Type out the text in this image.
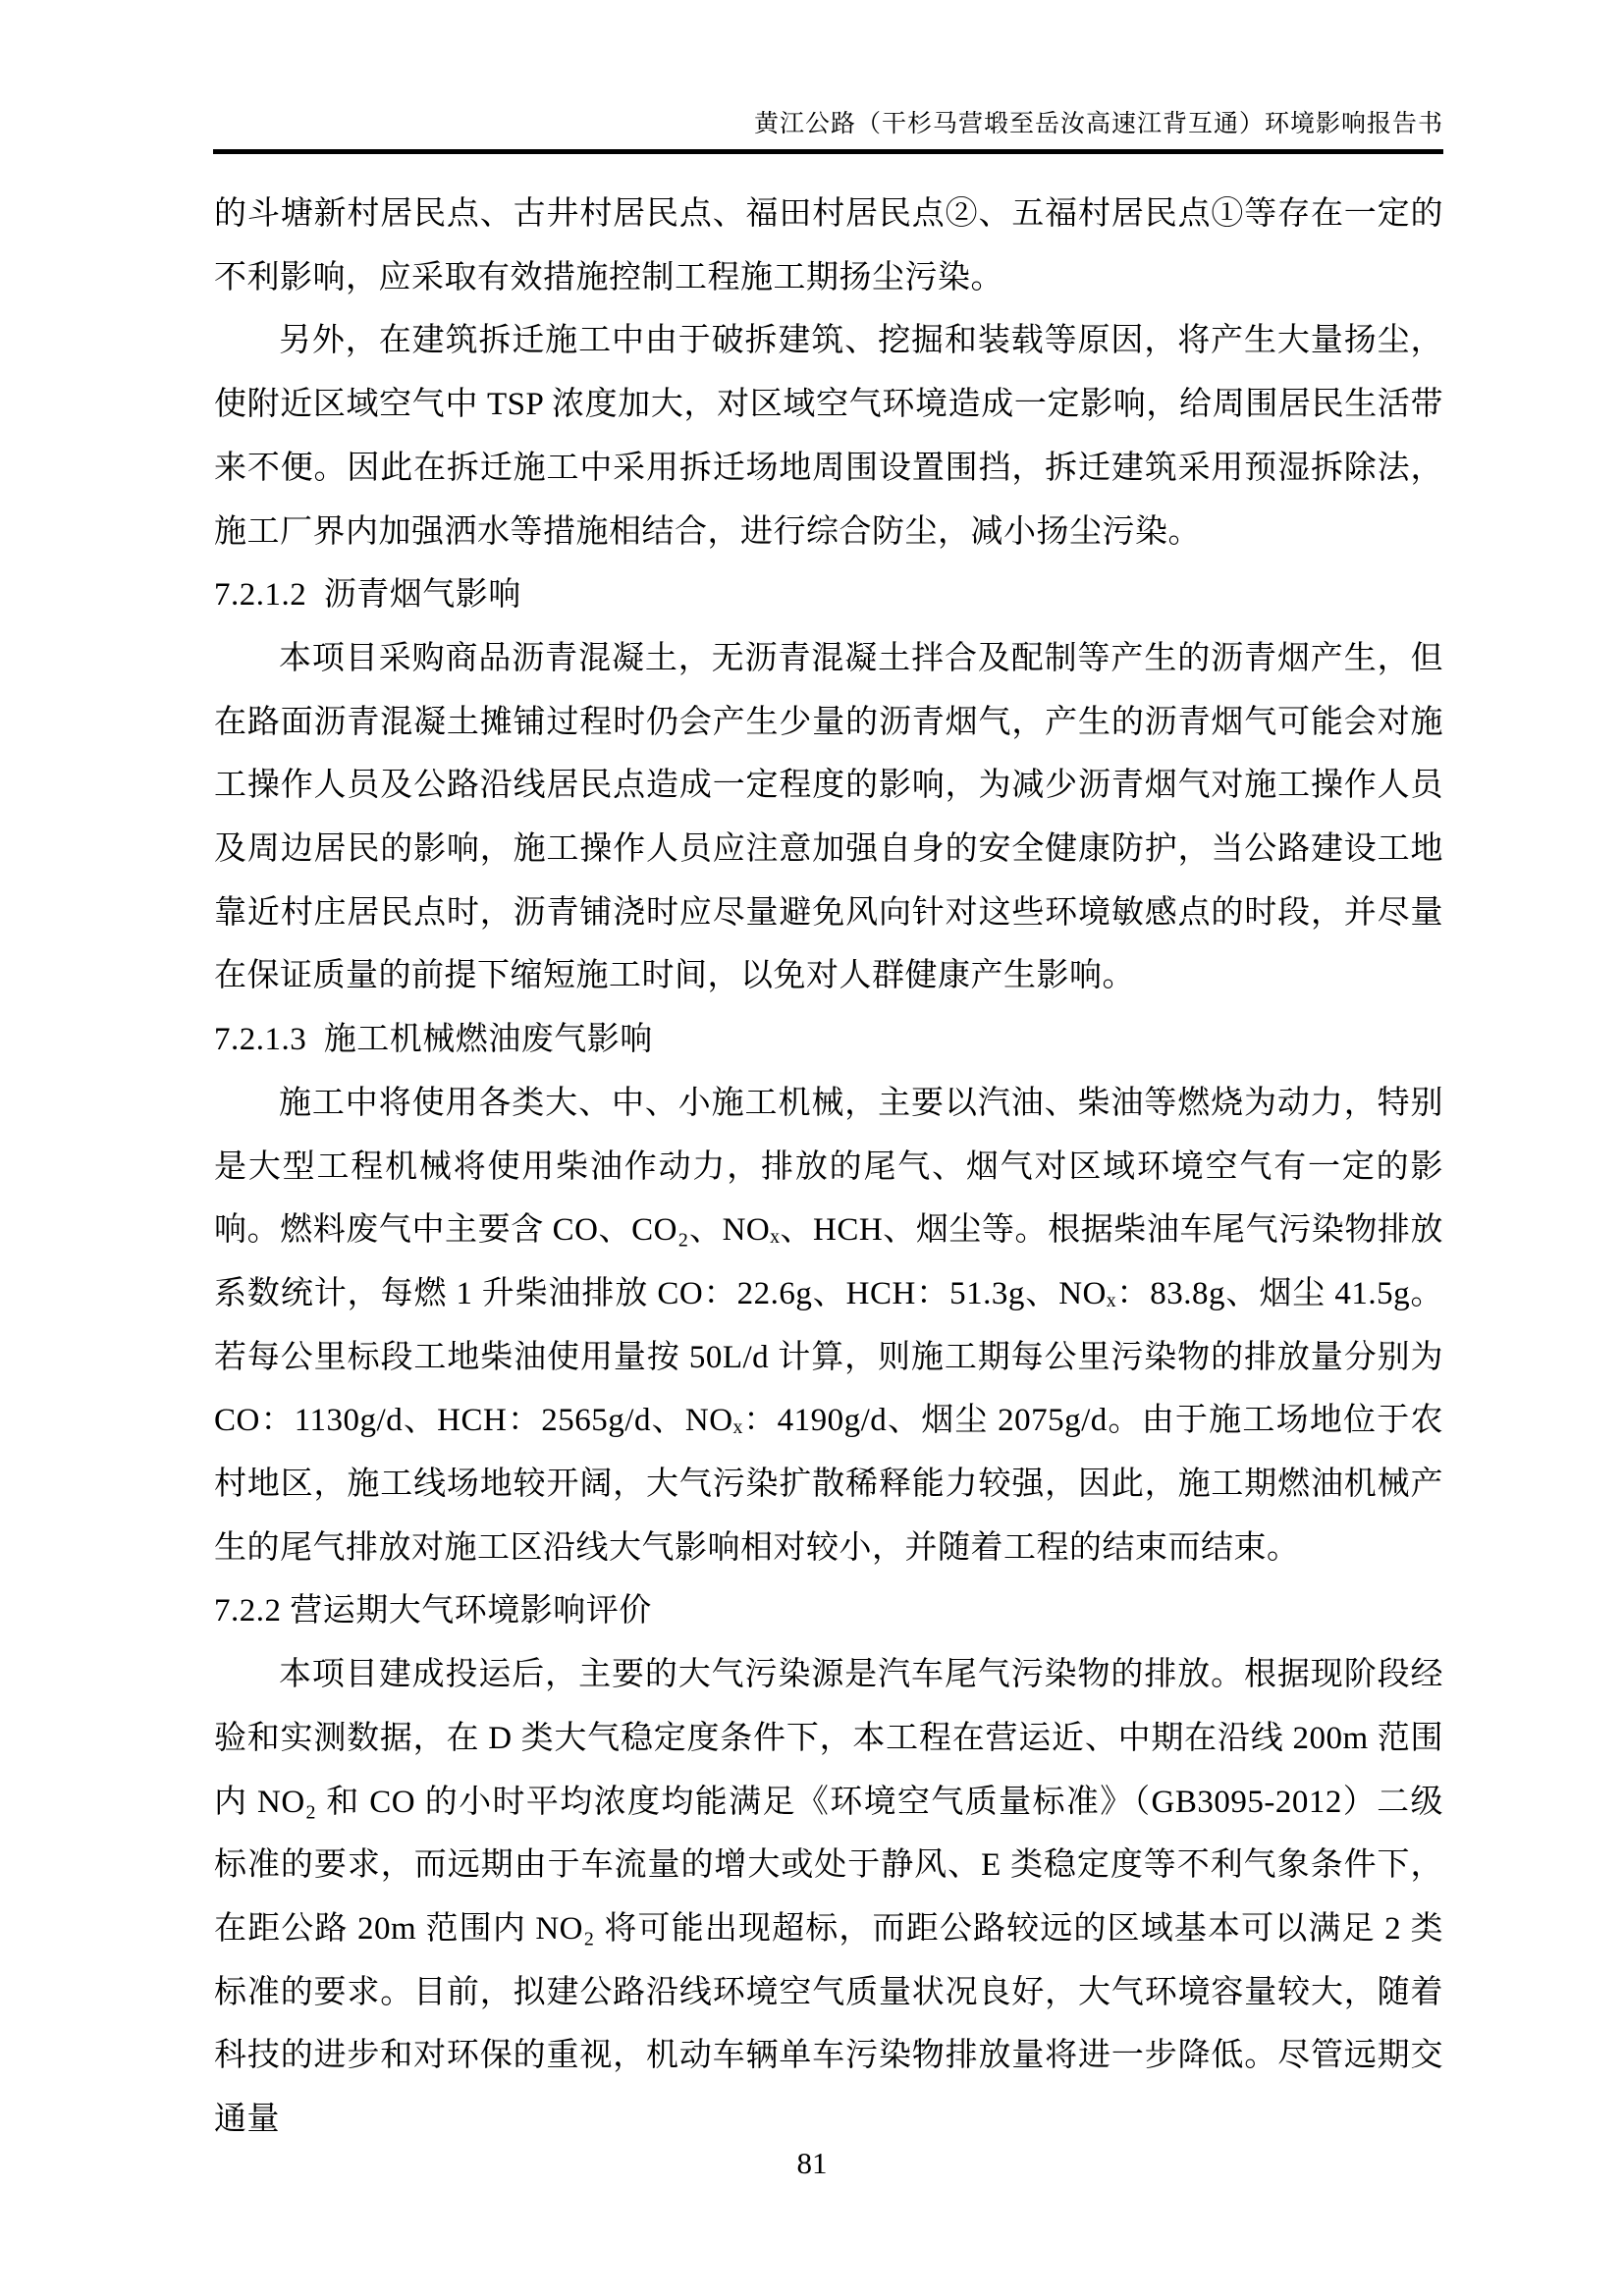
黄江公路（干杉马营塅至岳汝高速江背互通）环境影响报告书

的斗塘新村居民点、古井村居民点、福田村居民点②、五福村居民点①等存在一定的不利影响，应采取有效措施控制工程施工期扬尘污染。

另外，在建筑拆迁施工中由于破拆建筑、挖掘和装载等原因，将产生大量扬尘，使附近区域空气中 TSP 浓度加大，对区域空气环境造成一定影响，给周围居民生活带来不便。因此在拆迁施工中采用拆迁场地周围设置围挡，拆迁建筑采用预湿拆除法，施工厂界内加强洒水等措施相结合，进行综合防尘，减小扬尘污染。

7.2.1.2  沥青烟气影响

本项目采购商品沥青混凝土，无沥青混凝土拌合及配制等产生的沥青烟产生，但在路面沥青混凝土摊铺过程时仍会产生少量的沥青烟气，产生的沥青烟气可能会对施工操作人员及公路沿线居民点造成一定程度的影响，为减少沥青烟气对施工操作人员及周边居民的影响，施工操作人员应注意加强自身的安全健康防护，当公路建设工地靠近村庄居民点时，沥青铺浇时应尽量避免风向针对这些环境敏感点的时段，并尽量在保证质量的前提下缩短施工时间，以免对人群健康产生影响。

7.2.1.3  施工机械燃油废气影响

施工中将使用各类大、中、小施工机械，主要以汽油、柴油等燃烧为动力，特别是大型工程机械将使用柴油作动力，排放的尾气、烟气对区域环境空气有一定的影响。燃料废气中主要含 CO、CO₂、NOₓ、HCH、烟尘等。根据柴油车尾气污染物排放系数统计，每燃 1 升柴油排放 CO：22.6g、HCH：51.3g、NOₓ：83.8g、烟尘 41.5g。若每公里标段工地柴油使用量按 50L/d 计算，则施工期每公里污染物的排放量分别为 CO：1130g/d、HCH：2565g/d、NOₓ：4190g/d、烟尘 2075g/d。由于施工场地位于农村地区，施工线场地较开阔，大气污染扩散稀释能力较强，因此，施工期燃油机械产生的尾气排放对施工区沿线大气影响相对较小，并随着工程的结束而结束。

7.2.2 营运期大气环境影响评价

本项目建成投运后，主要的大气污染源是汽车尾气污染物的排放。根据现阶段经验和实测数据，在 D 类大气稳定度条件下，本工程在营运近、中期在沿线 200m 范围内 NO₂ 和 CO 的小时平均浓度均能满足《环境空气质量标准》（GB3095-2012）二级标准的要求，而远期由于车流量的增大或处于静风、E 类稳定度等不利气象条件下，在距公路 20m 范围内 NO₂ 将可能出现超标，而距公路较远的区域基本可以满足 2 类标准的要求。目前，拟建公路沿线环境空气质量状况良好，大气环境容量较大，随着科技的进步和对环保的重视，机动车辆单车污染物排放量将进一步降低。尽管远期交通量

81
